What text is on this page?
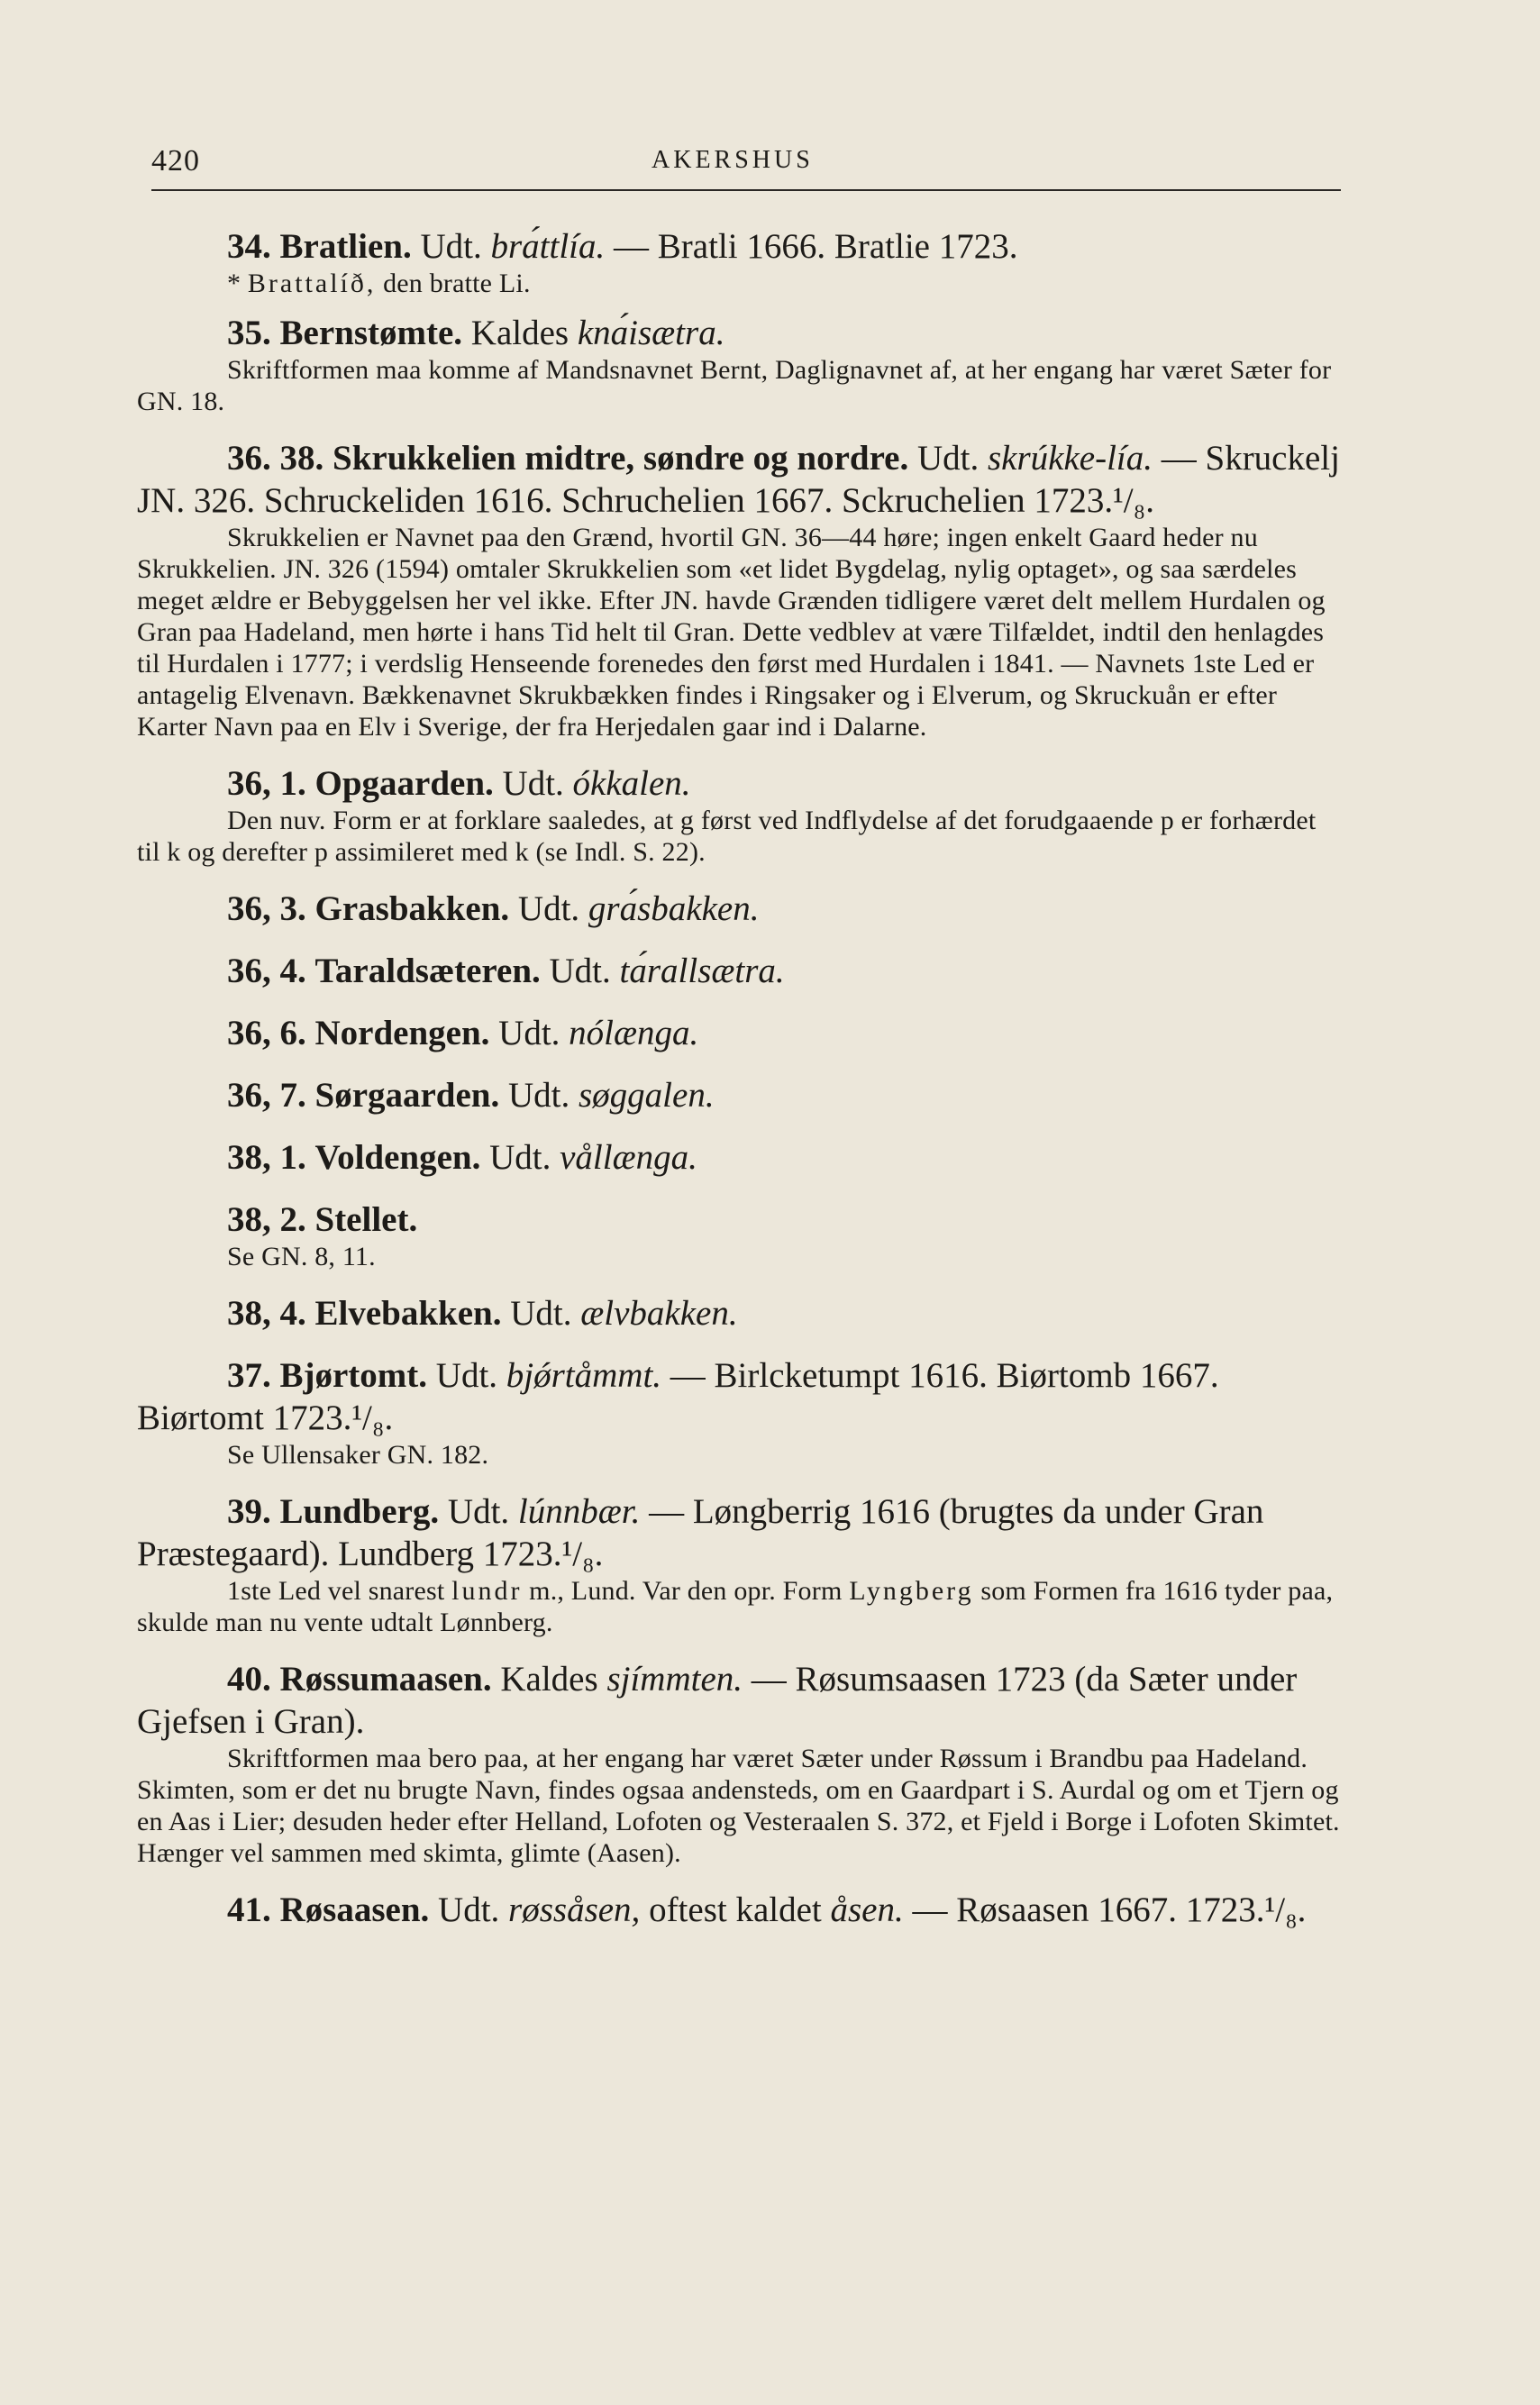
420	AKERSHUS

34. Bratlien. Udt. brа́ttlía. — Bratli 1666. Bratlie 1723.

* Brattalíð, den bratte Li.

35. Bernstømte. Kaldes knа́isætra.

Skriftformen maa komme af Mandsnavnet Bernt, Daglignavnet af, at her engang har været Sæter for GN. 18.

36. 38. Skrukkelien midtre, søndre og nordre. Udt. skrúkke-lía. — Skruckelj JN. 326. Schruckeliden 1616. Schruchelien 1667. Sckruchelien 1723.¹/₈.

Skrukkelien er Navnet paa den Grænd, hvortil GN. 36—44 høre; ingen enkelt Gaard heder nu Skrukkelien. JN. 326 (1594) omtaler Skrukkelien som «et lidet Bygdelag, nylig optaget», og saa særdeles meget ældre er Bebyggelsen her vel ikke. Efter JN. havde Grænden tidligere været delt mellem Hurdalen og Gran paa Hadeland, men hørte i hans Tid helt til Gran. Dette vedblev at være Tilfældet, indtil den henlagdes til Hurdalen i 1777; i verdslig Henseende forenedes den først med Hurdalen i 1841. — Navnets 1ste Led er antagelig Elvenavn. Bækkenavnet Skrukbækken findes i Ringsaker og i Elverum, og Skruckuån er efter Karter Navn paa en Elv i Sverige, der fra Herjedalen gaar ind i Dalarne.

36, 1. Opgaarden. Udt. ókkalen.

Den nuv. Form er at forklare saaledes, at g først ved Indflydelse af det forudgaaende p er forhærdet til k og derefter p assimileret med k (se Indl. S. 22).

36, 3. Grasbakken. Udt. grа́sbakken.

36, 4. Taraldsæteren. Udt. tа́rallsætra.

36, 6. Nordengen. Udt. nólænga.

36, 7. Sørgaarden. Udt. søggalen.

38, 1. Voldengen. Udt. vållænga.

38, 2. Stellet.

Se GN. 8, 11.

38, 4. Elvebakken. Udt. ælvbakken.

37. Bjørtomt. Udt. bjǿrtåmmt. — Birlcketumpt 1616. Biørtomb 1667. Biørtomt 1723.¹/₈.

Se Ullensaker GN. 182.

39. Lundberg. Udt. lúnnbær. — Løngberrig 1616 (brugtes da under Gran Præstegaard). Lundberg 1723.¹/₈.

1ste Led vel snarest lundr m., Lund. Var den opr. Form Lyngberg som Formen fra 1616 tyder paa, skulde man nu vente udtalt Lønnberg.

40. Røssumaasen. Kaldes sjímmten. — Røsumsaasen 1723 (da Sæter under Gjefsen i Gran).

Skriftformen maa bero paa, at her engang har været Sæter under Røssum i Brandbu paa Hadeland. Skimten, som er det nu brugte Navn, findes ogsaa andensteds, om en Gaardpart i S. Aurdal og om et Tjern og en Aas i Lier; desuden heder efter Helland, Lofoten og Vesteraalen S. 372, et Fjeld i Borge i Lofoten Skimtet. Hænger vel sammen med skimta, glimte (Aasen).

41. Røsaasen. Udt. røssåsen, oftest kaldet åsen. — Røsaasen 1667. 1723.¹/₈.
